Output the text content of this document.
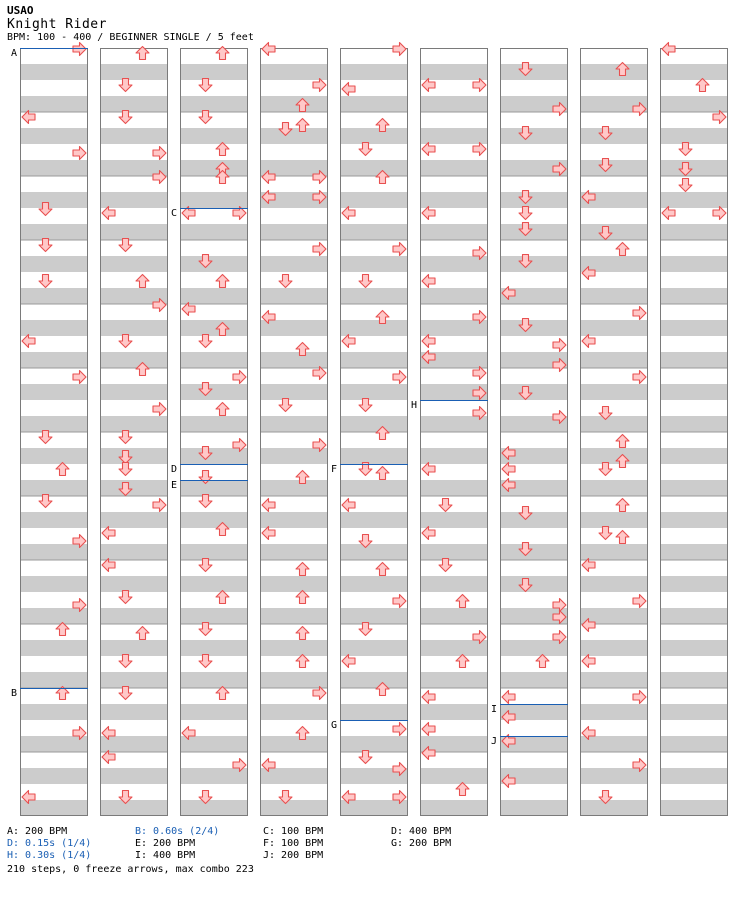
USAO
Knight Rider
BPM: 100 - 400 / BEGINNER SINGLE / 5 feet
A
B
C
D
E
F
G
H
I
J
A: 200 BPM	B: 0.60s (2/4)	C: 100 BPM	D: 400 BPM
D: 0.15s (1/4)	E: 200 BPM	F: 100 BPM	G: 200 BPM
H: 0.30s (1/4)	I: 400 BPM	J: 200 BPM
210 steps, 0 freeze arrows, max combo 223
